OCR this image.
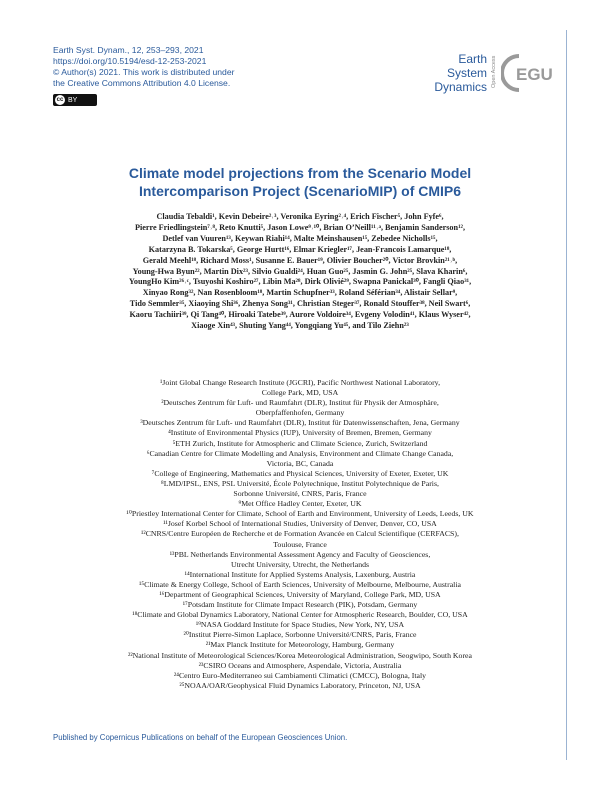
Earth Syst. Dynam., 12, 253–293, 2021
https://doi.org/10.5194/esd-12-253-2021
© Author(s) 2021. This work is distributed under
the Creative Commons Attribution 4.0 License.
cc BY
Earth System
Dynamics Open Access EGU
Climate model projections from the Scenario Model
Intercomparison Project (ScenarioMIP) of CMIP6
Claudia Tebaldi¹, Kevin Debeire²˒³, Veronika Eyring²˒⁴, Erich Fischer⁵, John Fyfe⁶,
Pierre Friedlingstein⁷˒⁸, Reto Knutti⁵, Jason Lowe⁹˒¹⁰, Brian O’Neill¹¹˒ᵃ, Benjamin Sanderson¹²,
Detlef van Vuuren¹³, Keywan Riahi¹⁴, Malte Meinshausen¹⁵, Zebedee Nicholls¹⁵,
Katarzyna B. Tokarska⁵, George Hurtt¹⁶, Elmar Kriegler¹⁷, Jean-Francois Lamarque¹⁸,
Gerald Meehl¹⁸, Richard Moss¹, Susanne E. Bauer¹⁹, Olivier Boucher²⁰, Victor Brovkin²¹˒ᵇ,
Young-Hwa Byun²², Martin Dix²³, Silvio Gualdi²⁴, Huan Guo²⁵, Jasmin G. John²⁵, Slava Kharin⁶,
YoungHo Kim²⁶˒ᶜ, Tsuyoshi Koshiro²⁷, Libin Ma²⁸, Dirk Olivié²⁹, Swapna Panickal³⁰, Fangli Qiao³¹,
Xinyao Rong³², Nan Rosenbloom¹⁸, Martin Schupfner³³, Roland Séférian³⁴, Alistair Sellar⁹,
Tido Semmler³⁵, Xiaoying Shi³⁶, Zhenya Song³¹, Christian Steger³⁷, Ronald Stouffer³⁸, Neil Swart⁶,
Kaoru Tachiiri³⁹, Qi Tang⁴⁰, Hiroaki Tatebe³⁹, Aurore Voldoire³⁴, Evgeny Volodin⁴¹, Klaus Wyser⁴²,
Xiaoge Xin⁴³, Shuting Yang⁴⁴, Yongqiang Yu⁴⁵, and Tilo Ziehn²³
¹Joint Global Change Research Institute (JGCRI), Pacific Northwest National Laboratory,
College Park, MD, USA
²Deutsches Zentrum für Luft- und Raumfahrt (DLR), Institut für Physik der Atmosphäre,
Oberpfaffenhofen, Germany
³Deutsches Zentrum für Luft- und Raumfahrt (DLR), Institut für Datenwissenschaften, Jena, Germany
⁴Institute of Environmental Physics (IUP), University of Bremen, Bremen, Germany
⁵ETH Zurich, Institute for Atmospheric and Climate Science, Zurich, Switzerland
⁶Canadian Centre for Climate Modelling and Analysis, Environment and Climate Change Canada,
Victoria, BC, Canada
⁷College of Engineering, Mathematics and Physical Sciences, University of Exeter, Exeter, UK
⁸LMD/IPSL, ENS, PSL Université, École Polytechnique, Institut Polytechnique de Paris,
Sorbonne Université, CNRS, Paris, France
⁹Met Office Hadley Center, Exeter, UK
¹⁰Priestley International Center for Climate, School of Earth and Environment, University of Leeds, Leeds, UK
¹¹Josef Korbel School of International Studies, University of Denver, Denver, CO, USA
¹²CNRS/Centre Européen de Recherche et de Formation Avancée en Calcul Scientifique (CERFACS),
Toulouse, France
¹³PBL Netherlands Environmental Assessment Agency and Faculty of Geosciences,
Utrecht University, Utrecht, the Netherlands
¹⁴International Institute for Applied Systems Analysis, Laxenburg, Austria
¹⁵Climate & Energy College, School of Earth Sciences, University of Melbourne, Melbourne, Australia
¹⁶Department of Geographical Sciences, University of Maryland, College Park, MD, USA
¹⁷Potsdam Institute for Climate Impact Research (PIK), Potsdam, Germany
¹⁸Climate and Global Dynamics Laboratory, National Center for Atmospheric Research, Boulder, CO, USA
¹⁹NASA Goddard Institute for Space Studies, New York, NY, USA
²⁰Institut Pierre-Simon Laplace, Sorbonne Université/CNRS, Paris, France
²¹Max Planck Institute for Meteorology, Hamburg, Germany
²²National Institute of Meteorological Sciences/Korea Meteorological Administration, Seogwipo, South Korea
²³CSIRO Oceans and Atmosphere, Aspendale, Victoria, Australia
²⁴Centro Euro-Mediterraneo sui Cambiamenti Climatici (CMCC), Bologna, Italy
²⁵NOAA/OAR/Geophysical Fluid Dynamics Laboratory, Princeton, NJ, USA
Published by Copernicus Publications on behalf of the European Geosciences Union.
